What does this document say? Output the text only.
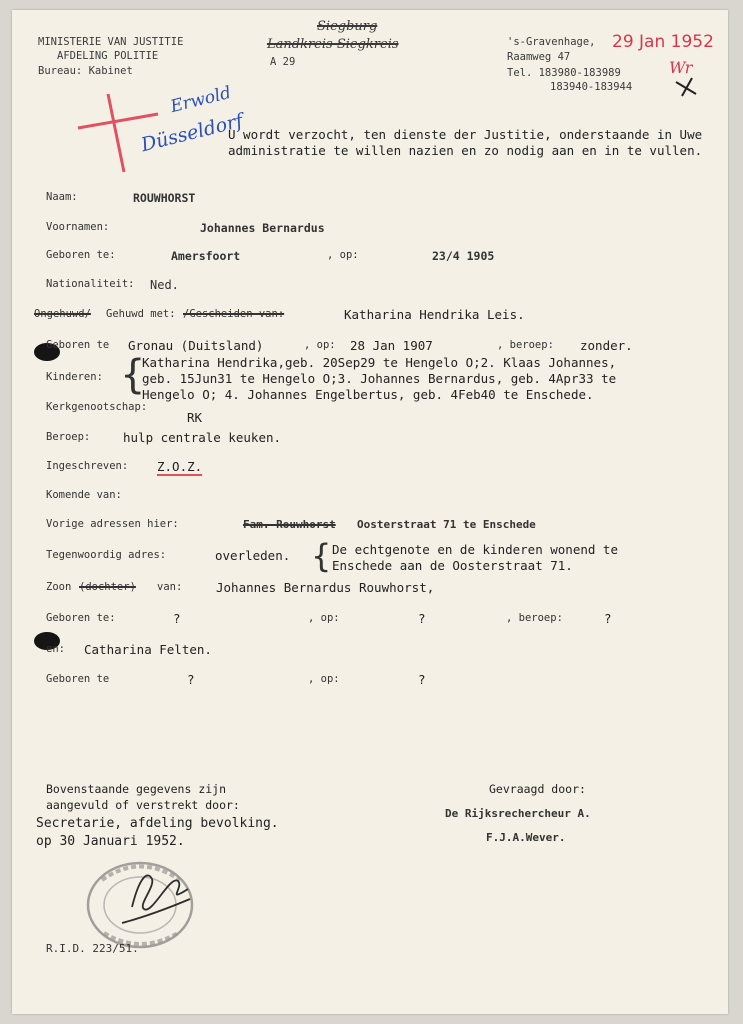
MINISTERIE VAN JUSTITIE
AFDELING POLITIE
Bureau: Kabinet
A 29
Siegburg
Landkreis Siegkreis	's-Gravenhage,
Raamweg 47
Tel. 183980-183989
183940-183944
29 Jan 1952
Wr
Erwold
Düsseldorf
U wordt verzocht, ten dienste der Justitie, onderstaande in Uwe
administratie te willen nazien en zo nodig aan en in te vullen.
Naam:	ROUWHORST
Voornamen:	Johannes Bernardus
Geboren te:	Amersfoort	, op:	23/4 1905
Nationaliteit: Ned.
Ongehuwd/ Gehuwd met: /Gescheiden van:	Katharina Hendrika Leis.
Geboren te Gronau (Duitsland)	, op: 28 Jan 1907	, beroep: zonder.
Kinderen: {
Katharina Hendrika,geb. 20Sep29 te Hengelo O;2. Klaas Johannes,
geb. 15Jun31 te Hengelo O;3. Johannes Bernardus, geb. 4Apr33 te
Hengelo O; 4. Johannes Engelbertus, geb. 4Feb40 te Enschede.
Kerkgenootschap:
RK
Beroep:	hulp centrale keuken.
Ingeschreven: Z.O.Z.
Komende van:
Vorige adressen hier:	Fam. Rouwhorst Oosterstraat 71 te Enschede
Tegenwoordig adres:	overleden. { De echtgenote en de kinderen wonend te
Enschede aan de Oosterstraat 71.
Zoon (dochter) van:	Johannes Bernardus Rouwhorst,
Geboren te:	?	, op:	?	, beroep:	?
en: Catharina Felten.
Geboren te	?	, op:	?
Bovenstaande gegevens zijn
aangevuld of verstrekt door:
Secretarie, afdeling bevolking.
op 30 Januari 1952.
Gevraagd door:
De Rijksrechercheur A.
F.J.A.Wever.
R.I.D. 223/51.
